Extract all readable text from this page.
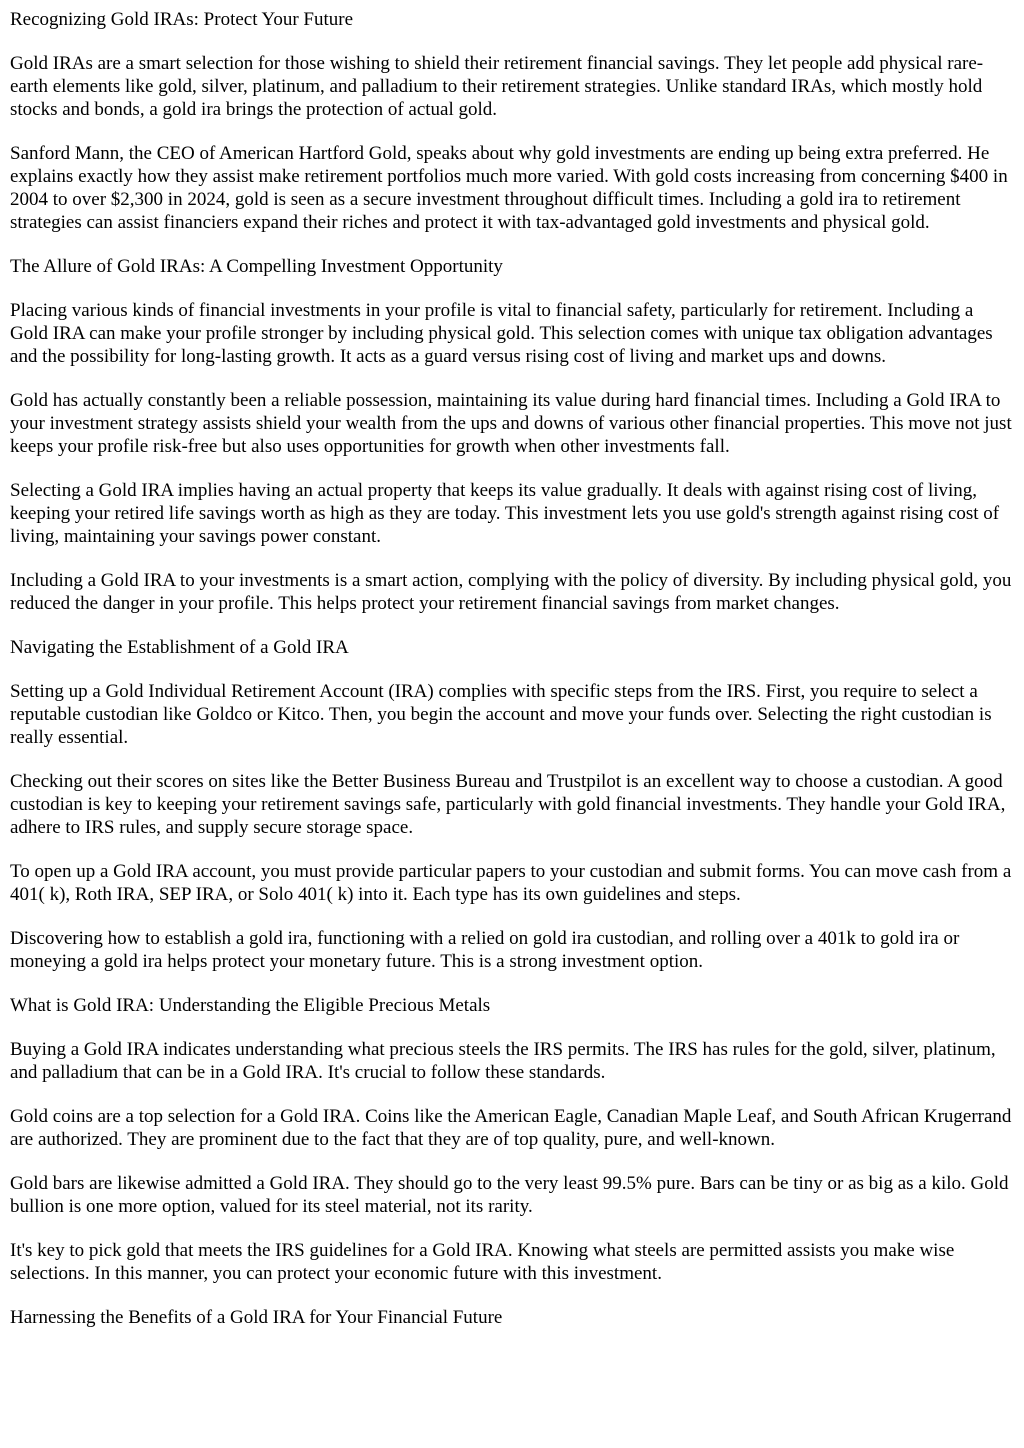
Recognizing Gold IRAs: Protect Your Future
Gold IRAs are a smart selection for those wishing to shield their retirement financial savings. They let people add physical rare-earth elements like gold, silver, platinum, and palladium to their retirement strategies. Unlike standard IRAs, which mostly hold stocks and bonds, a gold ira brings the protection of actual gold.
Sanford Mann, the CEO of American Hartford Gold, speaks about why gold investments are ending up being extra preferred. He explains exactly how they assist make retirement portfolios much more varied. With gold costs increasing from concerning $400 in 2004 to over $2,300 in 2024, gold is seen as a secure investment throughout difficult times. Including a gold ira to retirement strategies can assist financiers expand their riches and protect it with tax-advantaged gold investments and physical gold.
The Allure of Gold IRAs: A Compelling Investment Opportunity
Placing various kinds of financial investments in your profile is vital to financial safety, particularly for retirement. Including a Gold IRA can make your profile stronger by including physical gold. This selection comes with unique tax obligation advantages and the possibility for long-lasting growth. It acts as a guard versus rising cost of living and market ups and downs.
Gold has actually constantly been a reliable possession, maintaining its value during hard financial times. Including a Gold IRA to your investment strategy assists shield your wealth from the ups and downs of various other financial properties. This move not just keeps your profile risk-free but also uses opportunities for growth when other investments fall.
Selecting a Gold IRA implies having an actual property that keeps its value gradually. It deals with against rising cost of living, keeping your retired life savings worth as high as they are today. This investment lets you use gold's strength against rising cost of living, maintaining your savings power constant.
Including a Gold IRA to your investments is a smart action, complying with the policy of diversity. By including physical gold, you reduced the danger in your profile. This helps protect your retirement financial savings from market changes.
Navigating the Establishment of a Gold IRA
Setting up a Gold Individual Retirement Account (IRA) complies with specific steps from the IRS. First, you require to select a reputable custodian like Goldco or Kitco. Then, you begin the account and move your funds over. Selecting the right custodian is really essential.
Checking out their scores on sites like the Better Business Bureau and Trustpilot is an excellent way to choose a custodian. A good custodian is key to keeping your retirement savings safe, particularly with gold financial investments. They handle your Gold IRA, adhere to IRS rules, and supply secure storage space.
To open up a Gold IRA account, you must provide particular papers to your custodian and submit forms. You can move cash from a 401( k), Roth IRA, SEP IRA, or Solo 401( k) into it. Each type has its own guidelines and steps.
Discovering how to establish a gold ira, functioning with a relied on gold ira custodian, and rolling over a 401k to gold ira or moneying a gold ira helps protect your monetary future. This is a strong investment option.
What is Gold IRA: Understanding the Eligible Precious Metals
Buying a Gold IRA indicates understanding what precious steels the IRS permits. The IRS has rules for the gold, silver, platinum, and palladium that can be in a Gold IRA. It's crucial to follow these standards.
Gold coins are a top selection for a Gold IRA. Coins like the American Eagle, Canadian Maple Leaf, and South African Krugerrand are authorized. They are prominent due to the fact that they are of top quality, pure, and well-known.
Gold bars are likewise admitted a Gold IRA. They should go to the very least 99.5% pure. Bars can be tiny or as big as a kilo. Gold bullion is one more option, valued for its steel material, not its rarity.
It's key to pick gold that meets the IRS guidelines for a Gold IRA. Knowing what steels are permitted assists you make wise selections. In this manner, you can protect your economic future with this investment.
Harnessing the Benefits of a Gold IRA for Your Financial Future
